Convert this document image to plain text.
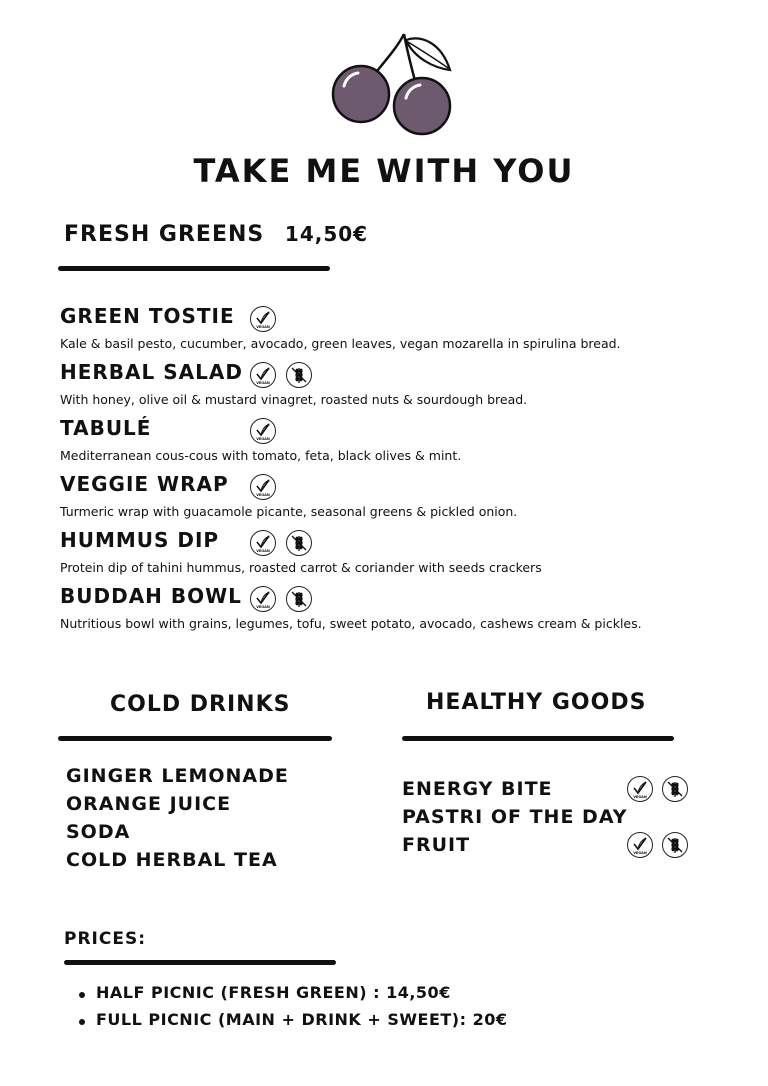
TAKE ME WITH YOU
FRESH GREENS 14,50€
COLD DRINKS	HEALTHY GOODS
PRICES:
GREEN TOSTIE
Kale & basil pesto, cucumber, avocado, green leaves, vegan mozarella in spirulina bread.
VEGAN
HERBAL SALAD
With honey, olive oil & mustard vinagret, roasted nuts & sourdough bread.
VEGAN
TABULÉ
Mediterranean cous-cous with tomato, feta, black olives & mint.
VEGAN
VEGGIE WRAP
Turmeric wrap with guacamole picante, seasonal greens & pickled onion.
VEGAN
HUMMUS DIP
Protein dip of tahini hummus, roasted carrot & coriander with seeds crackers
VEGAN
BUDDAH BOWL
Nutritious bowl with grains, legumes, tofu, sweet potato, avocado, cashews cream & pickles.
VEGAN
GINGER LEMONADE
ORANGE JUICE
SODA
COLD HERBAL TEA
ENERGY BITE	VEGAN
PASTRI OF THE DAY
FRUIT	VEGAN
HALF PICNIC (FRESH GREEN) : 14,50€
FULL PICNIC (MAIN + DRINK + SWEET): 20€
